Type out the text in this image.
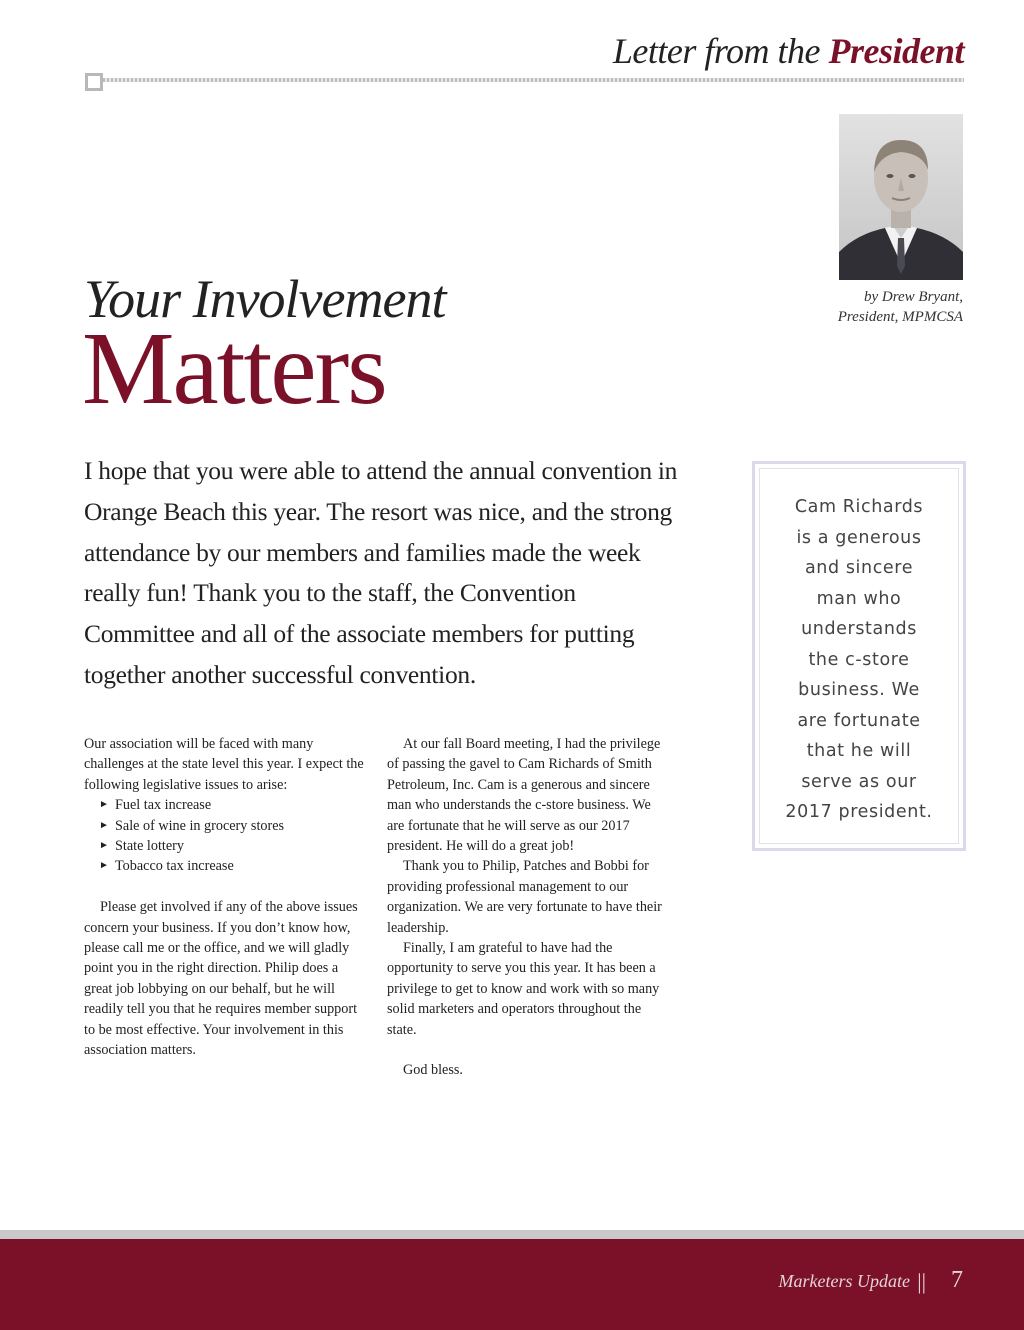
Letter from the President
by Drew Bryant,
President, MPMCSA
Your Involvement
Matters
I hope that you were able to attend the annual convention in Orange Beach this year. The resort was nice, and the strong attendance by our members and families made the week really fun! Thank you to the staff, the Convention Committee and all of the associate members for putting together another successful convention.

Our association will be faced with many challenges at the state level this year. I expect the following legislative issues to arise:

► Fuel tax increase
► Sale of wine in grocery stores
► State lottery
► Tobacco tax increase

Please get involved if any of the above issues concern your business. If you don’t know how, please call me or the office, and we will gladly point you in the right direction. Philip does a great job lobbying on our behalf, but he will readily tell you that he requires member support to be most effective. Your involvement in this association matters.

At our fall Board meeting, I had the privilege of passing the gavel to Cam Richards of Smith Petroleum, Inc. Cam is a generous and sincere man who understands the c-store business. We are fortunate that he will serve as our 2017 president. He will do a great job!

Thank you to Philip, Patches and Bobbi for providing professional management to our organization. We are very fortunate to have their leadership.

Finally, I am grateful to have had the opportunity to serve you this year. It has been a privilege to get to know and work with so many solid marketers and operators throughout the state.

God bless.

Cam Richards
is a generous
and sincere
man who
understands
the c-store
business. We
are fortunate
that he will
serve as our
2017 president.
Marketers Update || 7
